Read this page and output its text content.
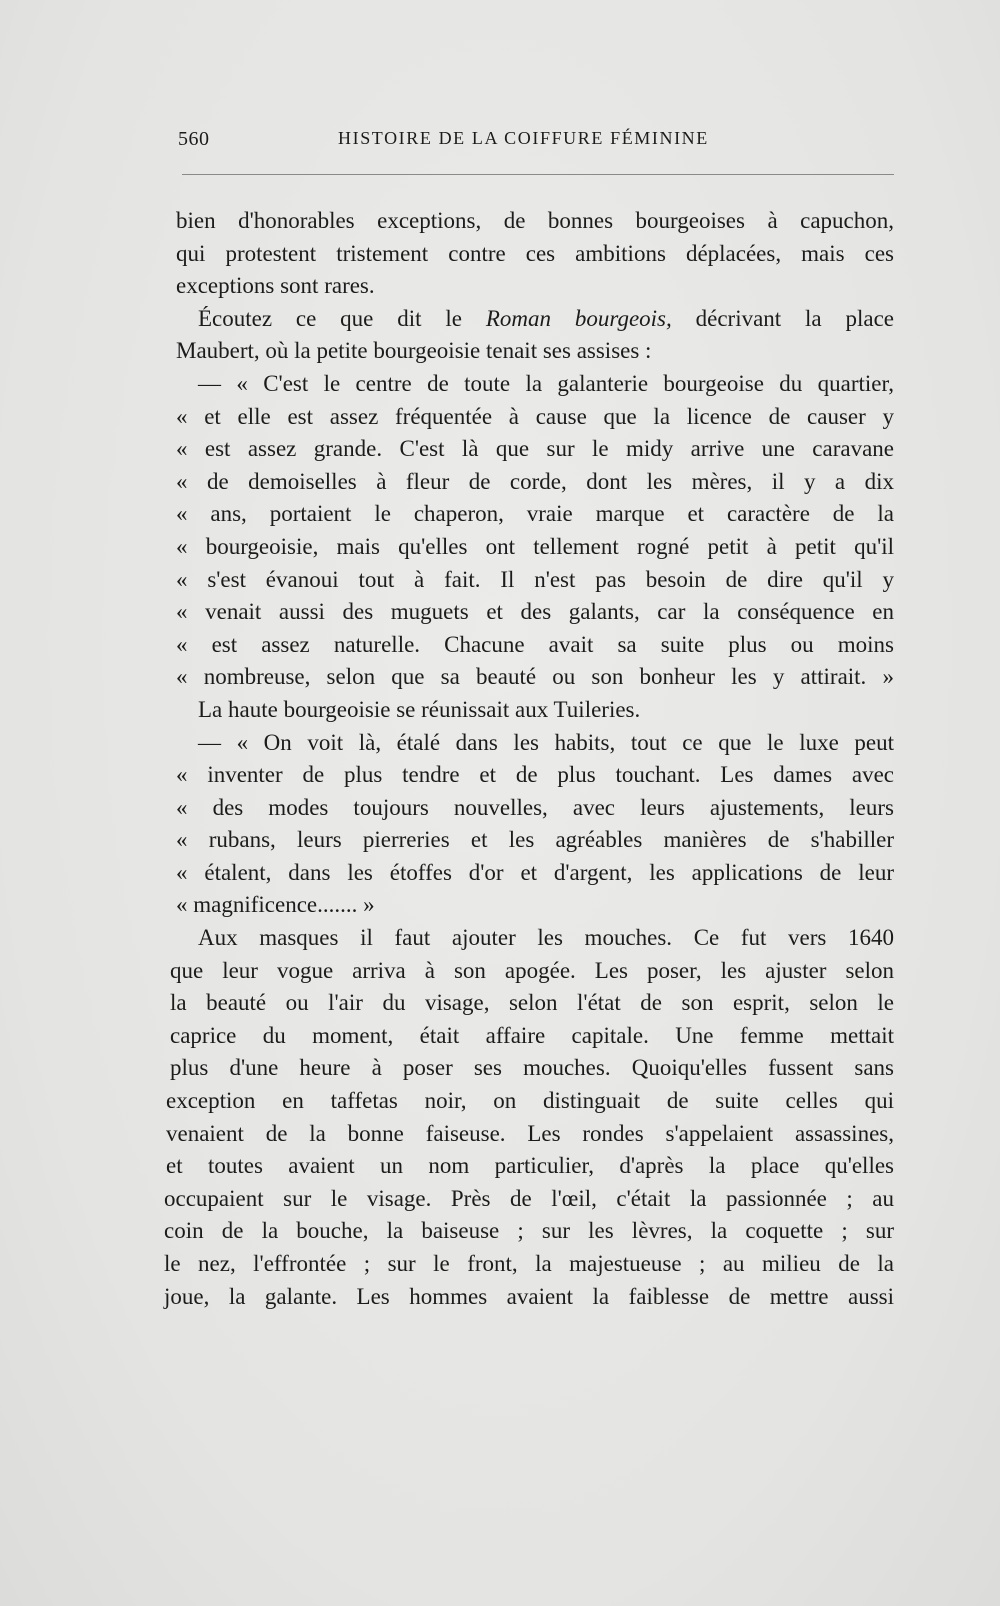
560	HISTOIRE DE LA COIFFURE FÉMININE
bien d'honorables exceptions, de bonnes bourgeoises à capuchon,
qui protestent tristement contre ces ambitions déplacées, mais ces
exceptions sont rares.
Écoutez ce que dit le Roman bourgeois, décrivant la place
Maubert, où la petite bourgeoisie tenait ses assises :
— « C'est le centre de toute la galanterie bourgeoise du quartier,
« et elle est assez fréquentée à cause que la licence de causer y
« est assez grande. C'est là que sur le midy arrive une caravane
« de demoiselles à fleur de corde, dont les mères, il y a dix
« ans, portaient le chaperon, vraie marque et caractère de la
« bourgeoisie, mais qu'elles ont tellement rogné petit à petit qu'il
« s'est évanoui tout à fait. Il n'est pas besoin de dire qu'il y
« venait aussi des muguets et des galants, car la conséquence en
« est assez naturelle. Chacune avait sa suite plus ou moins
« nombreuse, selon que sa beauté ou son bonheur les y attirait. »
La haute bourgeoisie se réunissait aux Tuileries.
— « On voit là, étalé dans les habits, tout ce que le luxe peut
« inventer de plus tendre et de plus touchant. Les dames avec
« des modes toujours nouvelles, avec leurs ajustements, leurs
« rubans, leurs pierreries et les agréables manières de s'habiller
« étalent, dans les étoffes d'or et d'argent, les applications de leur
« magnificence....... »
Aux masques il faut ajouter les mouches. Ce fut vers 1640
que leur vogue arriva à son apogée. Les poser, les ajuster selon
la beauté ou l'air du visage, selon l'état de son esprit, selon le
caprice du moment, était affaire capitale. Une femme mettait
plus d'une heure à poser ses mouches. Quoiqu'elles fussent sans
exception en taffetas noir, on distinguait de suite celles qui
venaient de la bonne faiseuse. Les rondes s'appelaient assassines,
et toutes avaient un nom particulier, d'après la place qu'elles
occupaient sur le visage. Près de l'œil, c'était la passionnée ; au
coin de la bouche, la baiseuse ; sur les lèvres, la coquette ; sur
le nez, l'effrontée ; sur le front, la majestueuse ; au milieu de la
joue, la galante. Les hommes avaient la faiblesse de mettre aussi
